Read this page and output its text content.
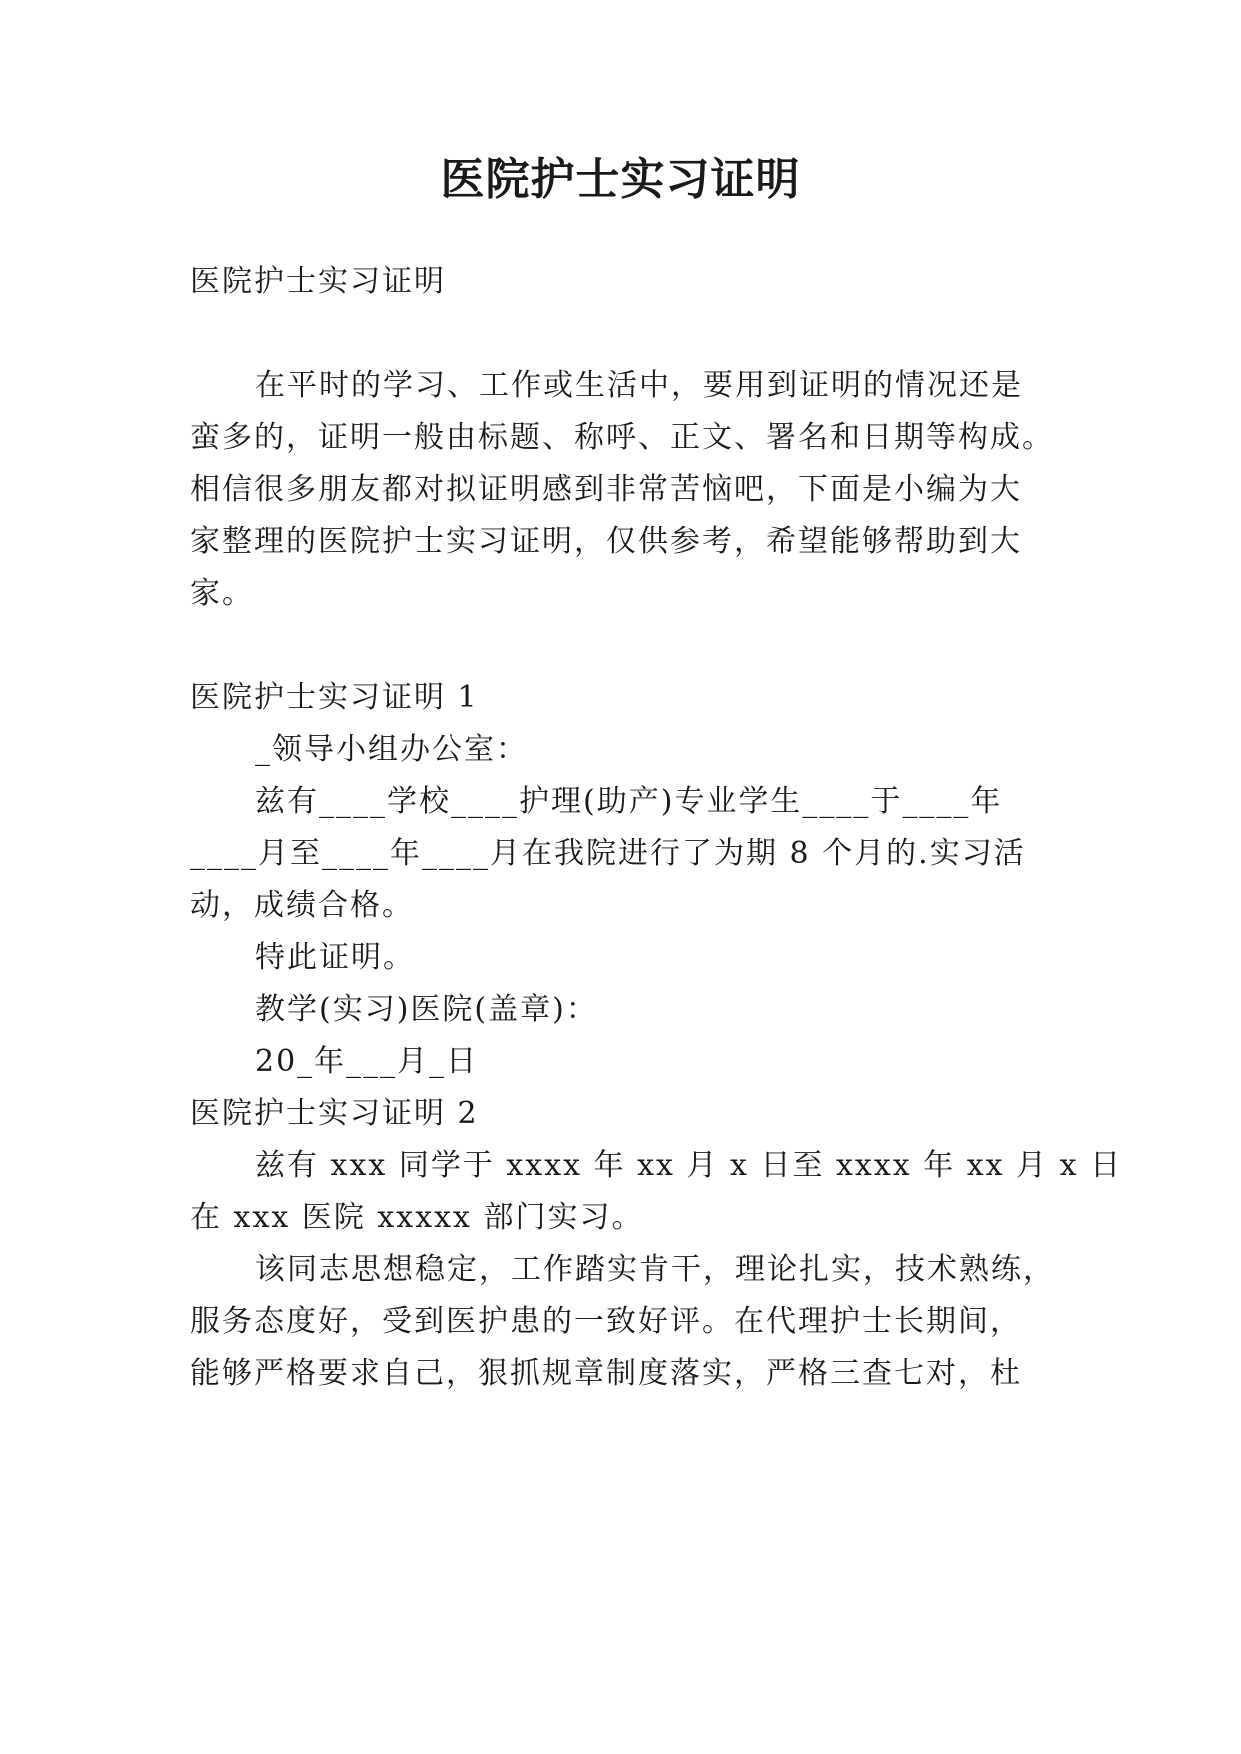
医院护士实习证明

医院护士实习证明

在平时的学习、工作或生活中，要用到证明的情况还是

蛮多的，证明一般由标题、称呼、正文、署名和日期等构成。

相信很多朋友都对拟证明感到非常苦恼吧，下面是小编为大

家整理的医院护士实习证明，仅供参考，希望能够帮助到大

家。

医院护士实习证明 1

_领导小组办公室：

兹有____学校____护理(助产)专业学生____于____年

____月至____年____月在我院进行了为期 8 个月的.实习活

动，成绩合格。

特此证明。

教学(实习)医院(盖章)：

20_年___月_日

医院护士实习证明 2

兹有 xxx 同学于 xxxx 年 xx 月 x 日至 xxxx 年 xx 月 x 日

在 xxx 医院 xxxxx 部门实习。

该同志思想稳定，工作踏实肯干，理论扎实，技术熟练，

服务态度好，受到医护患的一致好评。在代理护士长期间，

能够严格要求自己，狠抓规章制度落实，严格三查七对，杜
